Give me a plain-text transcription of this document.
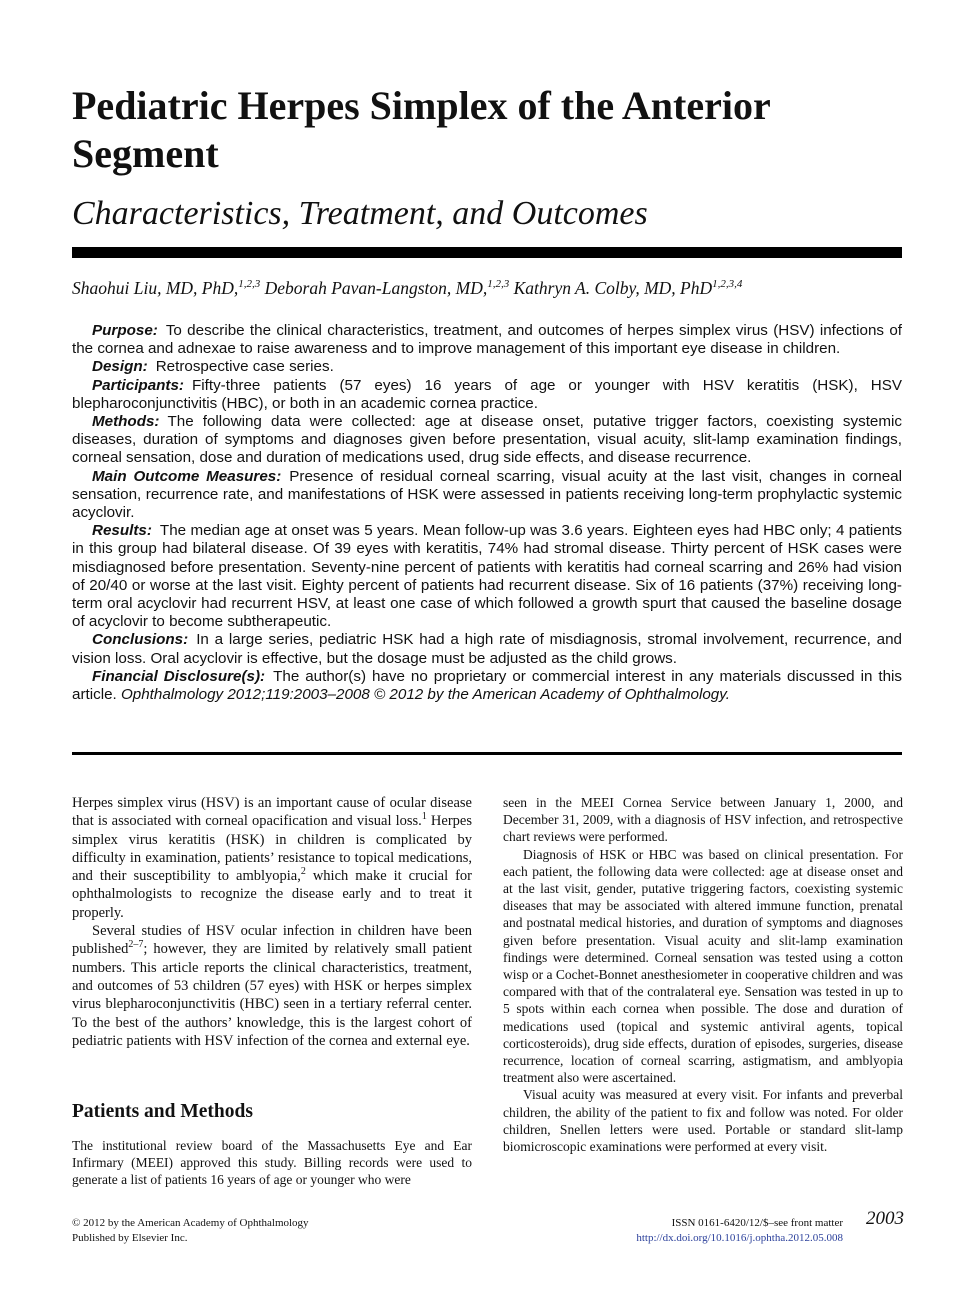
Pediatric Herpes Simplex of the Anterior Segment
Characteristics, Treatment, and Outcomes
Shaohui Liu, MD, PhD,$^{1,2,3}$ Deborah Pavan-Langston, MD,$^{1,2,3}$ Kathryn A. Colby, MD, PhD$^{1,2,3,4}$

Purpose: To describe the clinical characteristics, treatment, and outcomes of herpes simplex virus (HSV) infections of the cornea and adnexae to raise awareness and to improve management of this important eye disease in children.

Design: Retrospective case series.

Participants: Fifty-three patients (57 eyes) 16 years of age or younger with HSV keratitis (HSK), HSV blepharoconjunctivitis (HBC), or both in an academic cornea practice.

Methods: The following data were collected: age at disease onset, putative trigger factors, coexisting systemic diseases, duration of symptoms and diagnoses given before presentation, visual acuity, slit-lamp examination findings, corneal sensation, dose and duration of medications used, drug side effects, and disease recurrence.

Main Outcome Measures: Presence of residual corneal scarring, visual acuity at the last visit, changes in corneal sensation, recurrence rate, and manifestations of HSK were assessed in patients receiving long-term prophylactic systemic acyclovir.

Results: The median age at onset was 5 years. Mean follow-up was 3.6 years. Eighteen eyes had HBC only; 4 patients in this group had bilateral disease. Of 39 eyes with keratitis, 74% had stromal disease. Thirty percent of HSK cases were misdiagnosed before presentation. Seventy-nine percent of patients with keratitis had corneal scarring and 26% had vision of 20/40 or worse at the last visit. Eighty percent of patients had recurrent disease. Six of 16 patients (37%) receiving long-term oral acyclovir had recurrent HSV, at least one case of which followed a growth spurt that caused the baseline dosage of acyclovir to become subtherapeutic.

Conclusions: In a large series, pediatric HSK had a high rate of misdiagnosis, stromal involvement, recurrence, and vision loss. Oral acyclovir is effective, but the dosage must be adjusted as the child grows.

Financial Disclosure(s): The author(s) have no proprietary or commercial interest in any materials discussed in this article. Ophthalmology 2012;119:2003–2008 © 2012 by the American Academy of Ophthalmology.

Herpes simplex virus (HSV) is an important cause of ocular disease that is associated with corneal opacification and visual loss.$^1$ Herpes simplex virus keratitis (HSK) in children is complicated by difficulty in examination, patients’ resistance to topical medications, and their susceptibility to amblyopia,$^2$ which make it crucial for ophthalmologists to recognize the disease early and to treat it properly.

Several studies of HSV ocular infection in children have been published$^{2-7}$; however, they are limited by relatively small patient numbers. This article reports the clinical characteristics, treatment, and outcomes of 53 children (57 eyes) with HSK or herpes simplex virus blepharoconjunctivitis (HBC) seen in a tertiary referral center. To the best of the authors’ knowledge, this is the largest cohort of pediatric patients with HSV infection of the cornea and external eye.

Patients and Methods

The institutional review board of the Massachusetts Eye and Ear Infirmary (MEEI) approved this study. Billing records were used to generate a list of patients 16 years of age or younger who were

seen in the MEEI Cornea Service between January 1, 2000, and December 31, 2009, with a diagnosis of HSV infection, and retrospective chart reviews were performed.

Diagnosis of HSK or HBC was based on clinical presentation. For each patient, the following data were collected: age at disease onset and at the last visit, gender, putative triggering factors, coexisting systemic diseases that may be associated with altered immune function, prenatal and postnatal medical histories, and duration of symptoms and diagnoses given before presentation. Visual acuity and slit-lamp examination findings were determined. Corneal sensation was tested using a cotton wisp or a Cochet-Bonnet anesthesiometer in cooperative children and was compared with that of the contralateral eye. Sensation was tested in up to 5 spots within each cornea when possible. The dose and duration of medications used (topical and systemic antiviral agents, topical corticosteroids), drug side effects, duration of episodes, surgeries, disease recurrence, location of corneal scarring, astigmatism, and amblyopia treatment also were ascertained.

Visual acuity was measured at every visit. For infants and preverbal children, the ability of the patient to fix and follow was noted. For older children, Snellen letters were used. Portable or standard slit-lamp biomicroscopic examinations were performed at every visit.

© 2012 by the American Academy of Ophthalmology
Published by Elsevier Inc.
ISSN 0161-6420/12/$–see front matter
http://dx.doi.org/10.1016/j.ophtha.2012.05.008
2003
